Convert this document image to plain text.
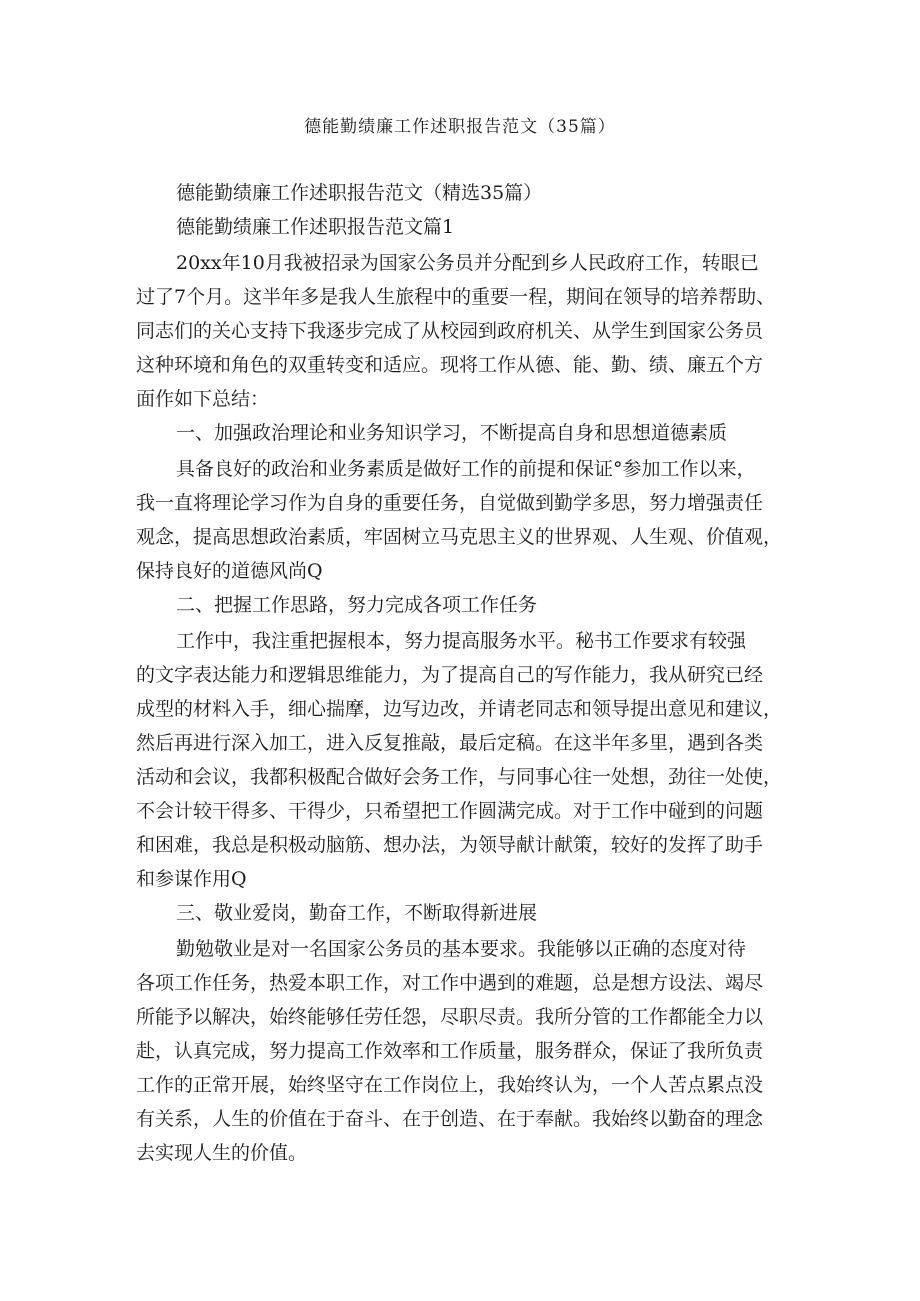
德能勤绩廉工作述职报告范文（35篇）
德能勤绩廉工作述职报告范文（精选35篇）
德能勤绩廉工作述职报告范文篇1
20xx年10月我被招录为国家公务员并分配到乡人民政府工作，转眼已
过了7个月。这半年多是我人生旅程中的重要一程，期间在领导的培养帮助、
同志们的关心支持下我逐步完成了从校园到政府机关、从学生到国家公务员
这种环境和角色的双重转变和适应。现将工作从德、能、勤、绩、廉五个方
面作如下总结：
一、加强政治理论和业务知识学习，不断提高自身和思想道德素质
具备良好的政治和业务素质是做好工作的前提和保证°参加工作以来，
我一直将理论学习作为自身的重要任务，自觉做到勤学多思，努力增强责任
观念，提高思想政治素质，牢固树立马克思主义的世界观、人生观、价值观，
保持良好的道德风尚Q
二、把握工作思路，努力完成各项工作任务
工作中，我注重把握根本，努力提高服务水平。秘书工作要求有较强
的文字表达能力和逻辑思维能力，为了提高自己的写作能力，我从研究已经
成型的材料入手，细心揣摩，边写边改，并请老同志和领导提出意见和建议，
然后再进行深入加工，进入反复推敲，最后定稿。在这半年多里，遇到各类
活动和会议，我都积极配合做好会务工作，与同事心往一处想，劲往一处使，
不会计较干得多、干得少，只希望把工作圆满完成。对于工作中碰到的问题
和困难，我总是积极动脑筋、想办法，为领导献计献策，较好的发挥了助手
和参谋作用Q
三、敬业爱岗，勤奋工作，不断取得新进展
勤勉敬业是对一名国家公务员的基本要求。我能够以正确的态度对待
各项工作任务，热爱本职工作，对工作中遇到的难题，总是想方设法、竭尽
所能予以解决，始终能够任劳任怨，尽职尽责。我所分管的工作都能全力以
赴，认真完成，努力提高工作效率和工作质量，服务群众，保证了我所负责
工作的正常开展，始终坚守在工作岗位上，我始终认为，一个人苦点累点没
有关系，人生的价值在于奋斗、在于创造、在于奉献。我始终以勤奋的理念
去实现人生的价值。
